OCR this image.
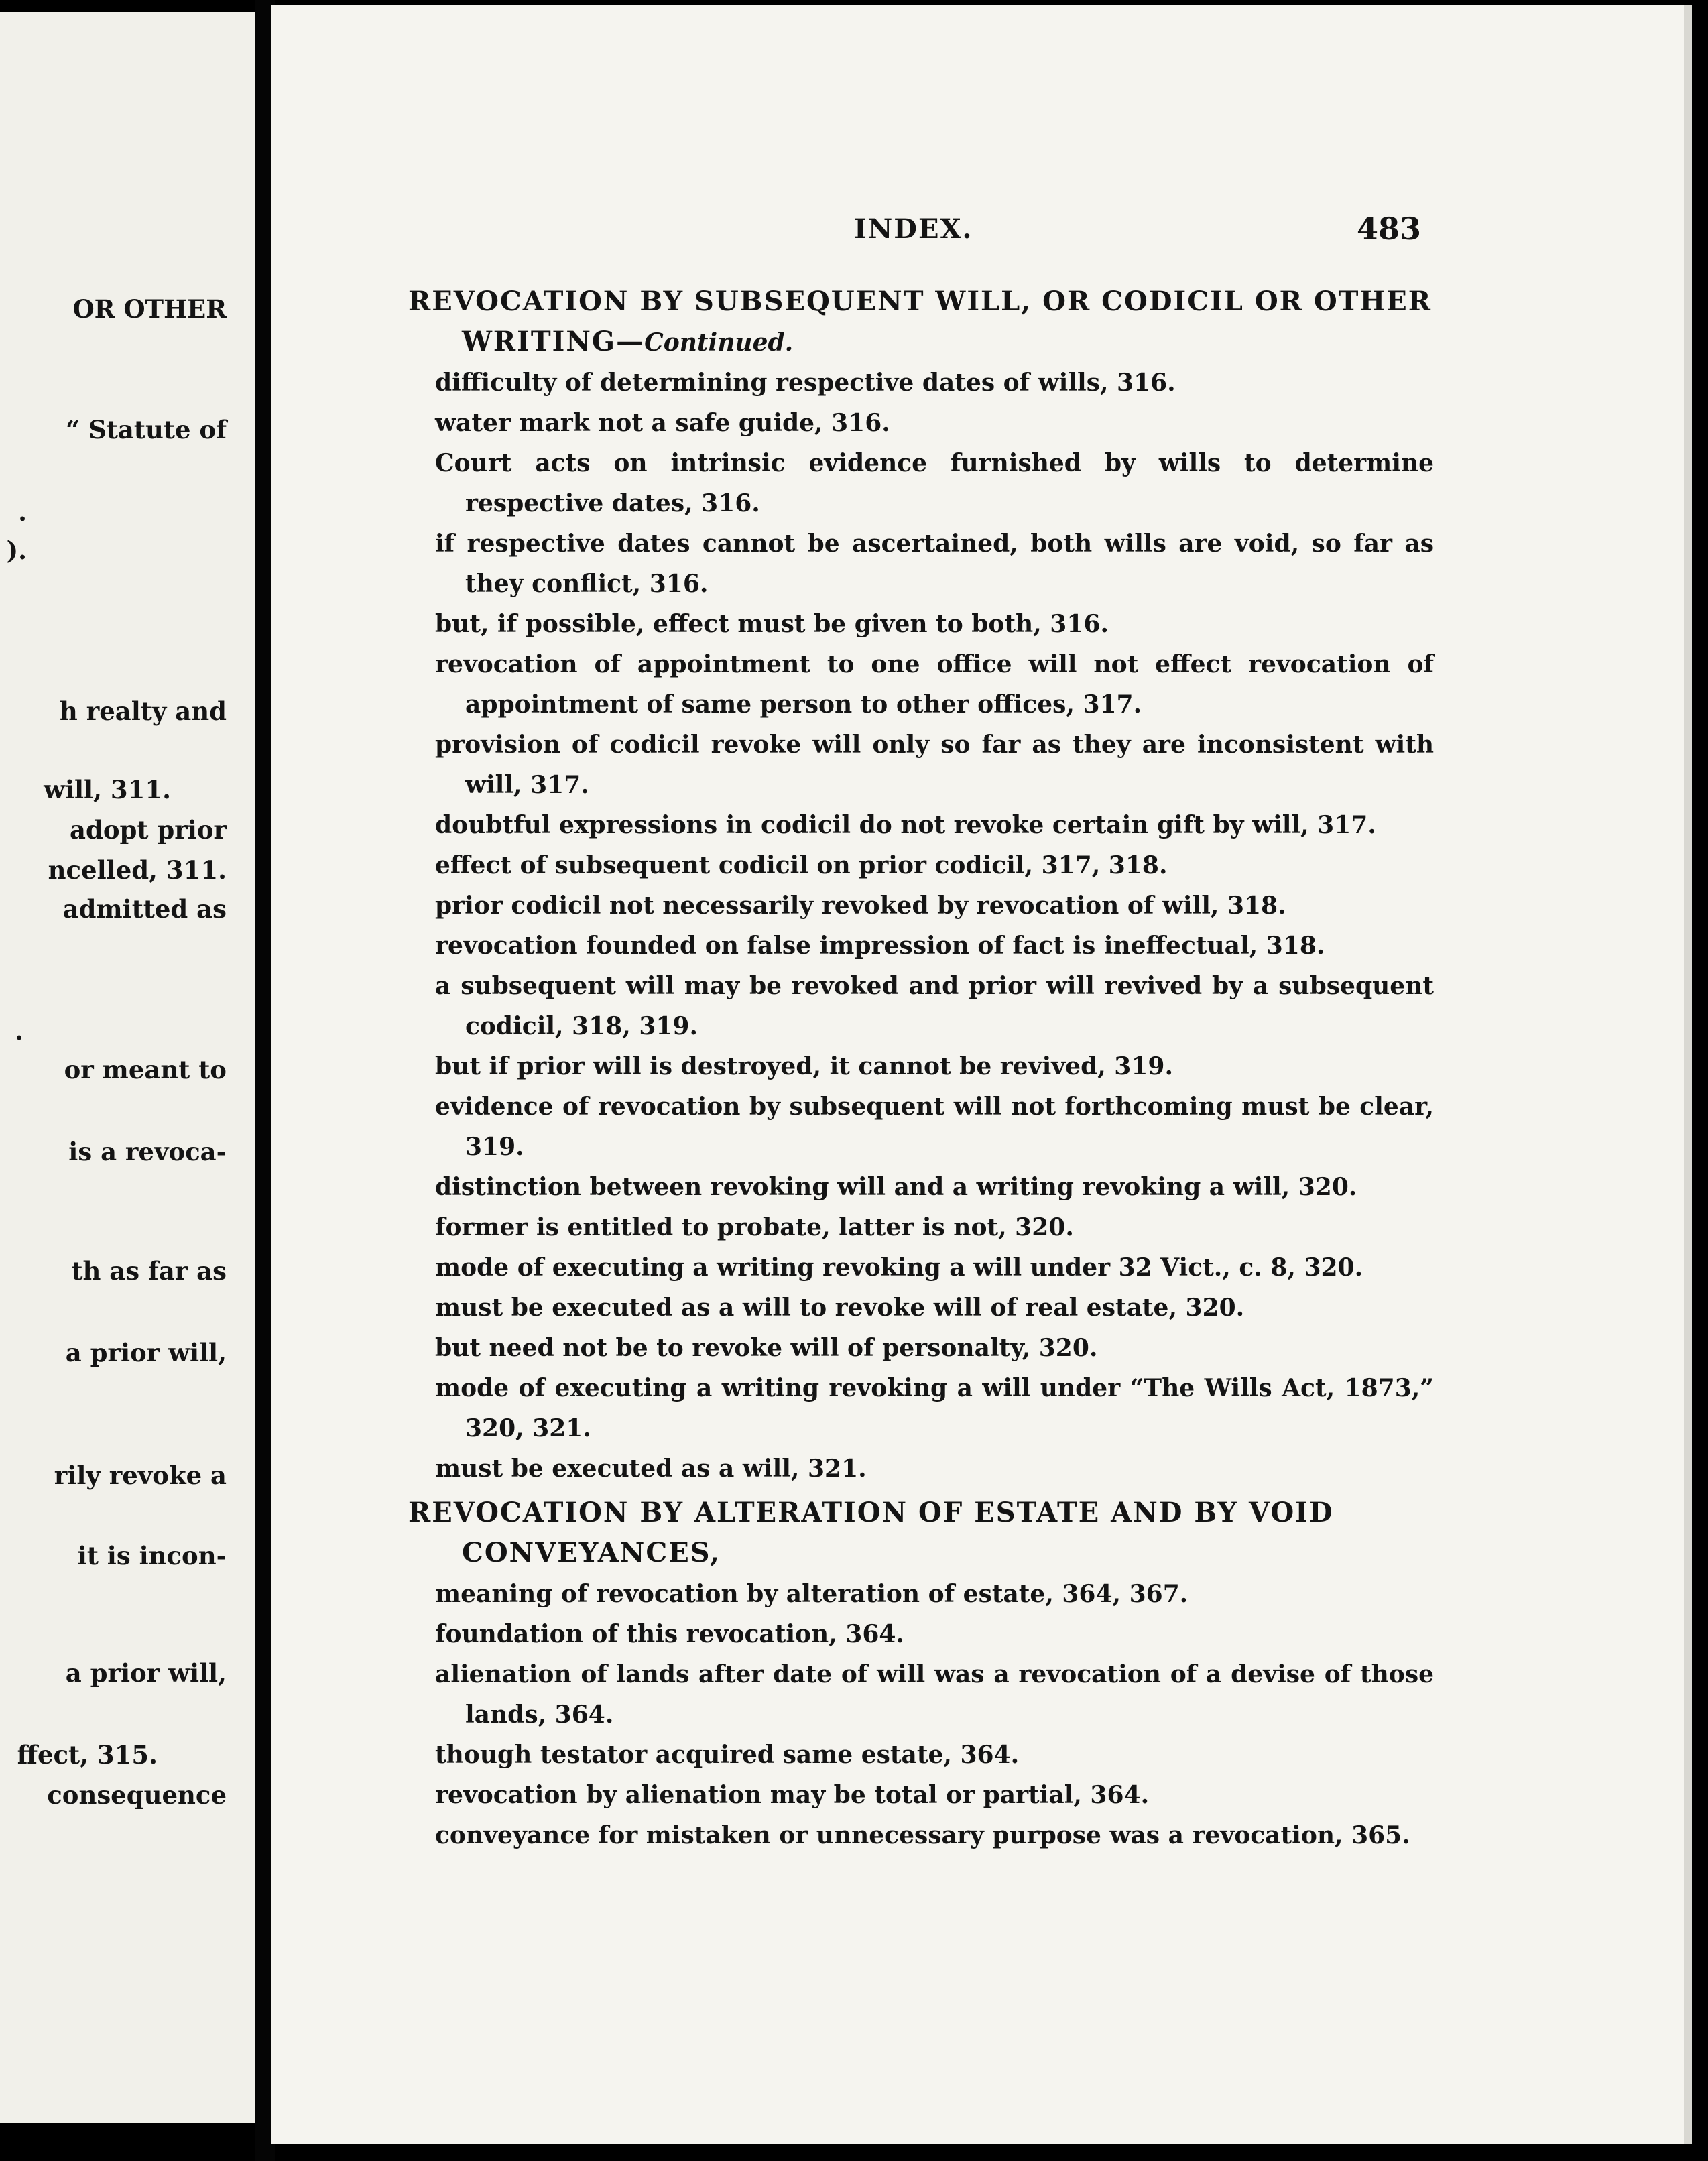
OR OTHER
“ Statute of
.
).
h realty and
will, 311.
adopt prior
ncelled, 311.
admitted as
.
or meant to
is a revoca-
th as far as
a prior will,
rily revoke a
it is incon-
a prior will,
ffect, 315.
consequence
INDEX.	483

REVOCATION BY SUBSEQUENT WILL, OR CODICIL OR OTHER WRITING—Continued.

difficulty of determining respective dates of wills, 316.

water mark not a safe guide, 316.

Court acts on intrinsic evidence furnished by wills to determine respective dates, 316.

if respective dates cannot be ascertained, both wills are void, so far as they conflict, 316.

but, if possible, effect must be given to both, 316.

revocation of appointment to one office will not effect revocation of appointment of same person to other offices, 317.

provision of codicil revoke will only so far as they are inconsistent with will, 317.

doubtful expressions in codicil do not revoke certain gift by will, 317.

effect of subsequent codicil on prior codicil, 317, 318.

prior codicil not necessarily revoked by revocation of will, 318.

revocation founded on false impression of fact is ineffectual, 318.

a subsequent will may be revoked and prior will revived by a subsequent codicil, 318, 319.

but if prior will is destroyed, it cannot be revived, 319.

evidence of revocation by subsequent will not forthcoming must be clear, 319.

distinction between revoking will and a writing revoking a will, 320.

former is entitled to probate, latter is not, 320.

mode of executing a writing revoking a will under 32 Vict., c. 8, 320.

must be executed as a will to revoke will of real estate, 320.

but need not be to revoke will of personalty, 320.

mode of executing a writing revoking a will under “The Wills Act, 1873,” 320, 321.

must be executed as a will, 321.

REVOCATION BY ALTERATION OF ESTATE AND BY VOID CONVEYANCES,

meaning of revocation by alteration of estate, 364, 367.

foundation of this revocation, 364.

alienation of lands after date of will was a revocation of a devise of those lands, 364.

though testator acquired same estate, 364.

revocation by alienation may be total or partial, 364.

conveyance for mistaken or unnecessary purpose was a revocation, 365.
